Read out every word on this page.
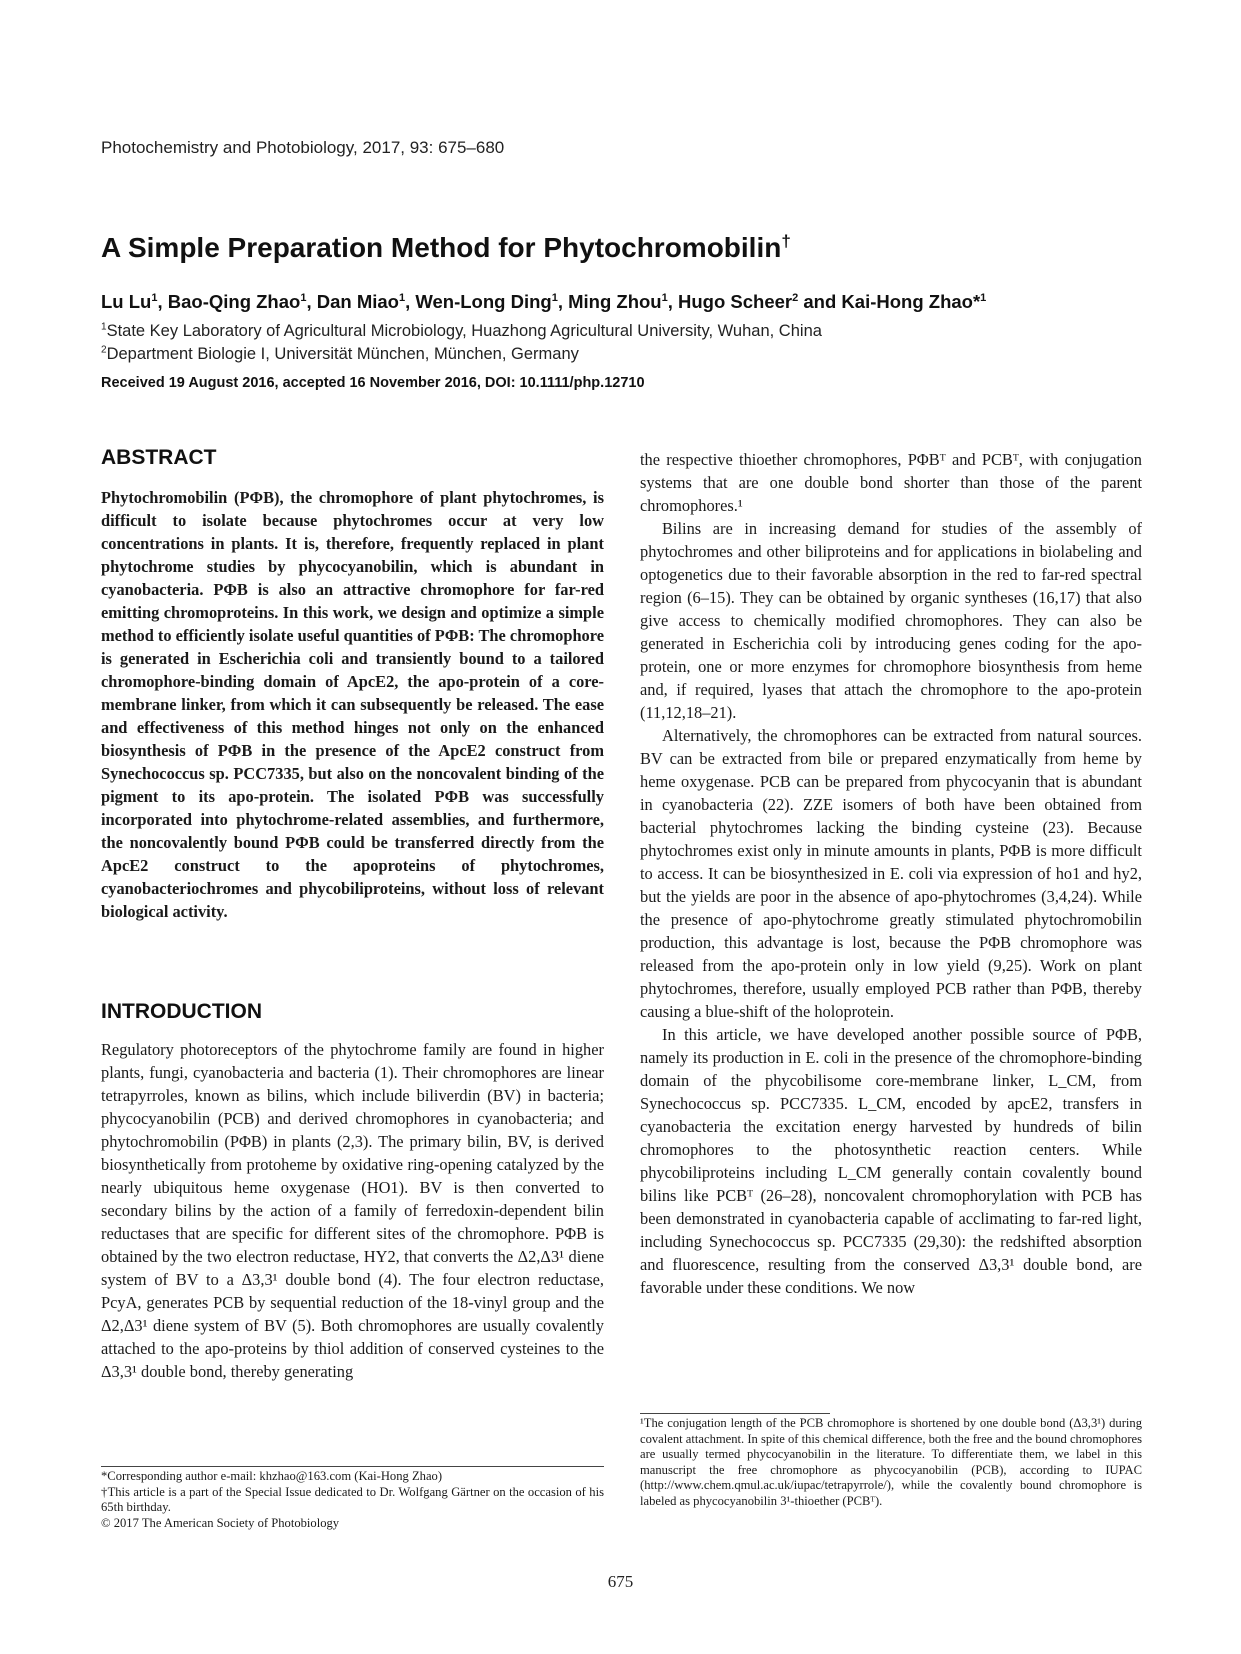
Photochemistry and Photobiology, 2017, 93: 675–680
A Simple Preparation Method for Phytochromobilin†
Lu Lu$^1$, Bao-Qing Zhao$^1$, Dan Miao$^1$, Wen-Long Ding$^1$, Ming Zhou$^1$, Hugo Scheer$^2$ and Kai-Hong Zhao*$^1$
$^1$State Key Laboratory of Agricultural Microbiology, Huazhong Agricultural University, Wuhan, China
$^2$Department Biologie I, Universität München, München, Germany
Received 19 August 2016, accepted 16 November 2016, DOI: 10.1111/php.12710
ABSTRACT

Phytochromobilin (PΦB), the chromophore of plant phytochromes, is difficult to isolate because phytochromes occur at very low concentrations in plants. It is, therefore, frequently replaced in plant phytochrome studies by phycocyanobilin, which is abundant in cyanobacteria. PΦB is also an attractive chromophore for far-red emitting chromoproteins. In this work, we design and optimize a simple method to efficiently isolate useful quantities of PΦB: The chromophore is generated in Escherichia coli and transiently bound to a tailored chromophore-binding domain of ApcE2, the apo-protein of a core-membrane linker, from which it can subsequently be released. The ease and effectiveness of this method hinges not only on the enhanced biosynthesis of PΦB in the presence of the ApcE2 construct from Synechococcus sp. PCC7335, but also on the noncovalent binding of the pigment to its apo-protein. The isolated PΦB was successfully incorporated into phytochrome-related assemblies, and furthermore, the noncovalently bound PΦB could be transferred directly from the ApcE2 construct to the apoproteins of phytochromes, cyanobacteriochromes and phycobiliproteins, without loss of relevant biological activity.

INTRODUCTION

Regulatory photoreceptors of the phytochrome family are found in higher plants, fungi, cyanobacteria and bacteria (1). Their chromophores are linear tetrapyrroles, known as bilins, which include biliverdin (BV) in bacteria; phycocyanobilin (PCB) and derived chromophores in cyanobacteria; and phytochromobilin (PΦB) in plants (2,3). The primary bilin, BV, is derived biosynthetically from protoheme by oxidative ring-opening catalyzed by the nearly ubiquitous heme oxygenase (HO1). BV is then converted to secondary bilins by the action of a family of ferredoxin-dependent bilin reductases that are specific for different sites of the chromophore. PΦB is obtained by the two electron reductase, HY2, that converts the Δ2,Δ3¹ diene system of BV to a Δ3,3¹ double bond (4). The four electron reductase, PcyA, generates PCB by sequential reduction of the 18-vinyl group and the Δ2,Δ3¹ diene system of BV (5). Both chromophores are usually covalently attached to the apo-proteins by thiol addition of conserved cysteines to the Δ3,3¹ double bond, thereby generating

the respective thioether chromophores, PΦBᵀ and PCBᵀ, with conjugation systems that are one double bond shorter than those of the parent chromophores.¹

Bilins are in increasing demand for studies of the assembly of phytochromes and other biliproteins and for applications in biolabeling and optogenetics due to their favorable absorption in the red to far-red spectral region (6–15). They can be obtained by organic syntheses (16,17) that also give access to chemically modified chromophores. They can also be generated in Escherichia coli by introducing genes coding for the apo-protein, one or more enzymes for chromophore biosynthesis from heme and, if required, lyases that attach the chromophore to the apo-protein (11,12,18–21).

Alternatively, the chromophores can be extracted from natural sources. BV can be extracted from bile or prepared enzymatically from heme by heme oxygenase. PCB can be prepared from phycocyanin that is abundant in cyanobacteria (22). ZZE isomers of both have been obtained from bacterial phytochromes lacking the binding cysteine (23). Because phytochromes exist only in minute amounts in plants, PΦB is more difficult to access. It can be biosynthesized in E. coli via expression of ho1 and hy2, but the yields are poor in the absence of apo-phytochromes (3,4,24). While the presence of apo-phytochrome greatly stimulated phytochromobilin production, this advantage is lost, because the PΦB chromophore was released from the apo-protein only in low yield (9,25). Work on plant phytochromes, therefore, usually employed PCB rather than PΦB, thereby causing a blue-shift of the holoprotein.

In this article, we have developed another possible source of PΦB, namely its production in E. coli in the presence of the chromophore-binding domain of the phycobilisome core-membrane linker, L_CM, from Synechococcus sp. PCC7335. L_CM, encoded by apcE2, transfers in cyanobacteria the excitation energy harvested by hundreds of bilin chromophores to the photosynthetic reaction centers. While phycobiliproteins including L_CM generally contain covalently bound bilins like PCBᵀ (26–28), noncovalent chromophorylation with PCB has been demonstrated in cyanobacteria capable of acclimating to far-red light, including Synechococcus sp. PCC7335 (29,30): the redshifted absorption and fluorescence, resulting from the conserved Δ3,3¹ double bond, are favorable under these conditions. We now

*Corresponding author e-mail: khzhao@163.com (Kai-Hong Zhao)

†This article is a part of the Special Issue dedicated to Dr. Wolfgang Gärtner on the occasion of his 65th birthday.

© 2017 The American Society of Photobiology

¹The conjugation length of the PCB chromophore is shortened by one double bond (Δ3,3¹) during covalent attachment. In spite of this chemical difference, both the free and the bound chromophores are usually termed phycocyanobilin in the literature. To differentiate them, we label in this manuscript the free chromophore as phycocyanobilin (PCB), according to IUPAC (http://www.chem.qmul.ac.uk/iupac/tetrapyrrole/), while the covalently bound chromophore is labeled as phycocyanobilin 3¹-thioether (PCBᵀ).

675
